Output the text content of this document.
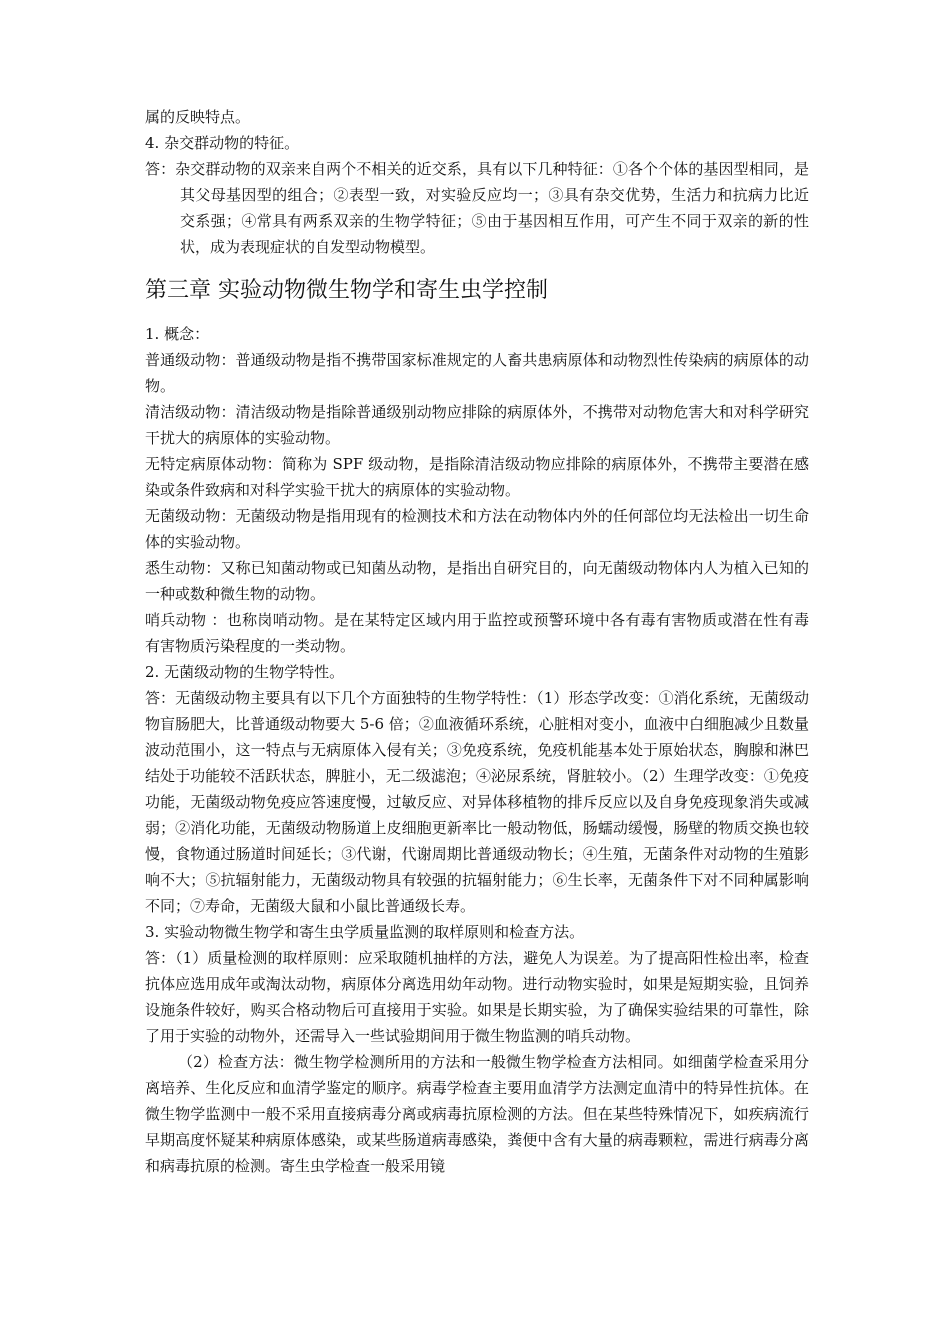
属的反映特点。

4. 杂交群动物的特征。

答：杂交群动物的双亲来自两个不相关的近交系，具有以下几种特征：①各个个体的基因型相同，是其父母基因型的组合；②表型一致，对实验反应均一；③具有杂交优势，生活力和抗病力比近交系强；④常具有两系双亲的生物学特征；⑤由于基因相互作用，可产生不同于双亲的新的性状，成为表现症状的自发型动物模型。

第三章 实验动物微生物学和寄生虫学控制

1. 概念：

普通级动物：普通级动物是指不携带国家标准规定的人畜共患病原体和动物烈性传染病的病原体的动物。

清洁级动物：清洁级动物是指除普通级别动物应排除的病原体外，不携带对动物危害大和对科学研究干扰大的病原体的实验动物。

无特定病原体动物：简称为 SPF 级动物，是指除清洁级动物应排除的病原体外，不携带主要潜在感染或条件致病和对科学实验干扰大的病原体的实验动物。

无菌级动物：无菌级动物是指用现有的检测技术和方法在动物体内外的任何部位均无法检出一切生命体的实验动物。

悉生动物：又称已知菌动物或已知菌丛动物，是指出自研究目的，向无菌级动物体内人为植入已知的一种或数种微生物的动物。

哨兵动物 ：也称岗哨动物。是在某特定区域内用于监控或预警环境中各有毒有害物质或潜在性有毒有害物质污染程度的一类动物。

2. 无菌级动物的生物学特性。

答：无菌级动物主要具有以下几个方面独特的生物学特性：（1）形态学改变：①消化系统，无菌级动物盲肠肥大，比普通级动物要大 5-6 倍；②血液循环系统，心脏相对变小，血液中白细胞减少且数量波动范围小，这一特点与无病原体入侵有关；③免疫系统，免疫机能基本处于原始状态，胸腺和淋巴结处于功能较不活跃状态，脾脏小，无二级滤泡；④泌尿系统，肾脏较小。（2）生理学改变：①免疫功能，无菌级动物免疫应答速度慢，过敏反应、对异体移植物的排斥反应以及自身免疫现象消失或减弱；②消化功能，无菌级动物肠道上皮细胞更新率比一般动物低，肠蠕动缓慢，肠壁的物质交换也较慢，食物通过肠道时间延长；③代谢，代谢周期比普通级动物长；④生殖，无菌条件对动物的生殖影响不大；⑤抗辐射能力，无菌级动物具有较强的抗辐射能力；⑥生长率，无菌条件下对不同种属影响不同；⑦寿命，无菌级大鼠和小鼠比普通级长寿。

3. 实验动物微生物学和寄生虫学质量监测的取样原则和检查方法。

答：（1）质量检测的取样原则：应采取随机抽样的方法，避免人为误差。为了提高阳性检出率，检查抗体应选用成年或淘汰动物，病原体分离选用幼年动物。进行动物实验时，如果是短期实验，且饲养设施条件较好，购买合格动物后可直接用于实验。如果是长期实验，为了确保实验结果的可靠性，除了用于实验的动物外，还需导入一些试验期间用于微生物监测的哨兵动物。

（2）检查方法：微生物学检测所用的方法和一般微生物学检查方法相同。如细菌学检查采用分离培养、生化反应和血清学鉴定的顺序。病毒学检查主要用血清学方法测定血清中的特异性抗体。在微生物学监测中一般不采用直接病毒分离或病毒抗原检测的方法。但在某些特殊情况下，如疾病流行早期高度怀疑某种病原体感染，或某些肠道病毒感染，粪便中含有大量的病毒颗粒，需进行病毒分离和病毒抗原的检测。寄生虫学检查一般采用镜
